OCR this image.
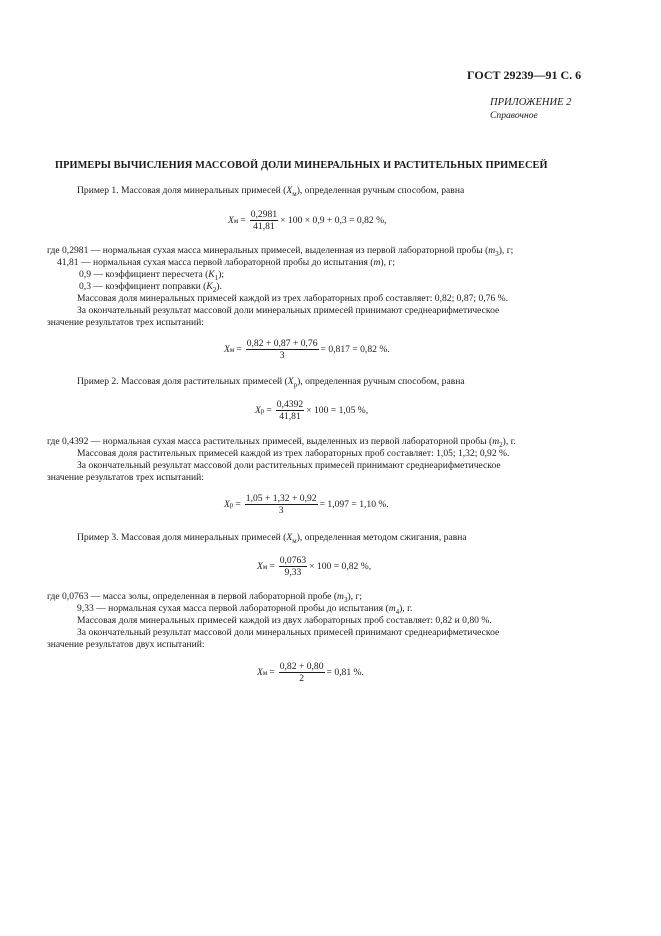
ГОСТ 29239—91 С. 6
ПРИЛОЖЕНИЕ 2
Справочное
ПРИМЕРЫ ВЫЧИСЛЕНИЯ МАССОВОЙ ДОЛИ МИНЕРАЛЬНЫХ И РАСТИТЕЛЬНЫХ ПРИМЕСЕЙ
Пример 1. Массовая доля минеральных примесей $(X_м)$, определенная ручным способом, равна
X $м = \frac{0,2981}{41,81} \times 100 \times 0,9 + 0,3 = 0,82$ %,
где 0,2981 — нормальная сухая масса минеральных примесей, выделенная из первой лабораторной пробы $(m_3)$, г;
41,81 — нормальная сухая масса первой лабораторной пробы до испытания (m), г;
0,9 — коэффициент пересчета $(K_1)$;
0,3 — коэффициент поправки $(K_2)$.
Массовая доля минеральных примесей каждой из трех лабораторных проб составляет: 0,82; 0,87; 0,76 %.
За окончательный результат массовой доли минеральных примесей принимают среднеарифметическое
значение результатов трех испытаний:
X $м = \frac{0,82 + 0,87 + 0,76}{3} = 0,817 = 0,82$ %.
Пример 2. Массовая доля растительных примесей $(X_р)$, определенная ручным способом, равна
X $р = \frac{0,4392}{41,81} \times 100 = 1,05$ %,
где 0,4392 — нормальная сухая масса растительных примесей, выделенных из первой лабораторной пробы $(m_2)$, г.
Массовая доля растительных примесей каждой из трех лабораторных проб составляет: 1,05; 1,32; 0,92 %.
За окончательный результат массовой доли растительных примесей принимают среднеарифметическое
значение результатов трех испытаний:
X $р = \frac{1,05 + 1,32 + 0,92}{3} = 1,097 = 1,10$ %.
Пример 3. Массовая доля минеральных примесей $(X_м)$, определенная методом сжигания, равна
X $м = \frac{0,0763}{9,33} \times 100 = 0,82$ %,
где 0,0763 — масса золы, определенная в первой лабораторной пробе $(m_3)$, г;
9,33 — нормальная сухая масса первой лабораторной пробы до испытания $(m_4)$, г.
Массовая доля минеральных примесей каждой из двух лабораторных проб составляет: 0,82 и 0,80 %.
За окончательный результат массовой доли минеральных примесей принимают среднеарифметическое
значение результатов двух испытаний:
X $м = \frac{0,82 + 0,80}{2} = 0,81$ %.
